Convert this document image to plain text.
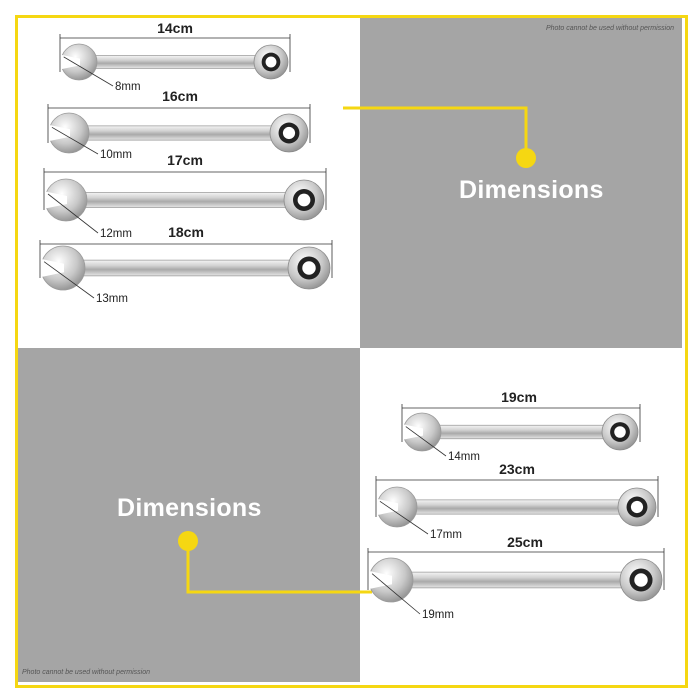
Photo cannot be used without permission
Photo cannot be used without permission
Dimensions
Dimensions
14cm
8mm
16cm
10mm	17cm
12mm	18cm
13mm
19cm
14mm
23cm
17mm	25cm
19mm
